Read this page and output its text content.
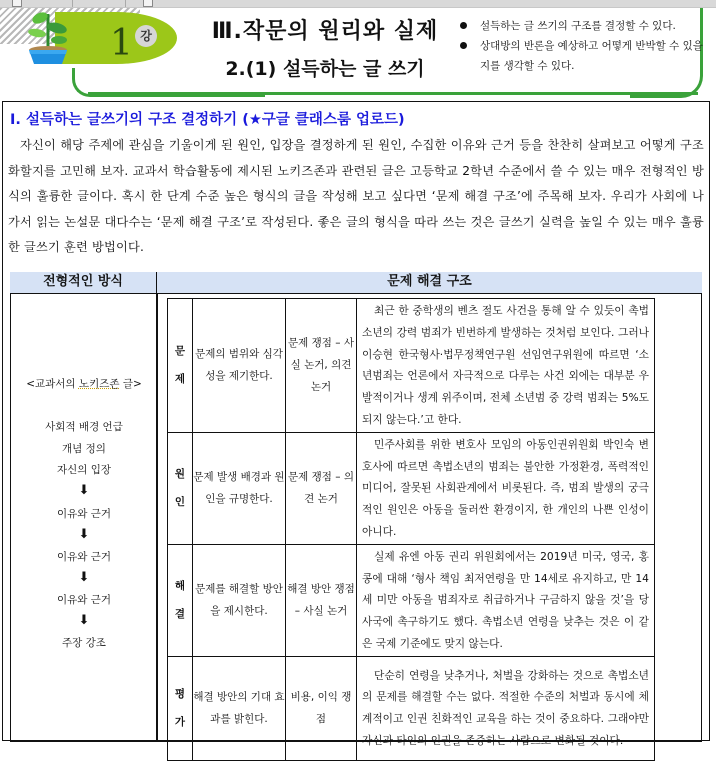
1 강	Ⅲ.작문의 원리와 실제
2.(1) 설득하는 글 쓰기
설득하는 글 쓰기의 구조를 결정할 수 있다.
상대방의 반론을 예상하고 어떻게 반박할 수 있을지를 생각할 수 있다.
Ⅰ. 설득하는 글쓰기의 구조 결정하기 (★구글 클래스룸 업로드)
자신이 해당 주제에 관심을 기울이게 된 원인, 입장을 결정하게 된 원인, 수집한 이유와 근거 등을 찬찬히 살펴보고 어떻게 구조화할지를 고민해 보자. 교과서 학습활동에 제시된 노키즈존과 관련된 글은 고등학교 2학년 수준에서 쓸 수 있는 매우 전형적인 방식의 훌륭한 글이다. 혹시 한 단계 수준 높은 형식의 글을 작성해 보고 싶다면 ‘문제 해결 구조’에 주목해 보자. 우리가 사회에 나가서 읽는 논설문 대다수는 ‘문제 해결 구조’로 작성된다. 좋은 글의 형식을 따라 쓰는 것은 글쓰기 실력을 높일 수 있는 매우 훌륭한 글쓰기 훈련 방법이다.
전형적인 방식	문제 해결 구조
<교과서의 노키즈존 글>
사회적 배경 언급
개념 정의
자신의 입장
⬇
이유와 근거
⬇
이유와 근거
⬇
이유와 근거
⬇
주장 강조
문
제	문제의 범위와 심각성을 제기한다.	문제 쟁점 – 사실 논거, 의견 논거	최근 한 중학생의 벤츠 절도 사건을 통해 알 수 있듯이 촉법소년의 강력 범죄가 빈번하게 발생하는 것처럼 보인다. 그러나 이승현 한국형사·법무정책연구원 선임연구위원에 따르면 ‘소년범죄는 언론에서 자극적으로 다루는 사건 외에는 대부분 우발적이거나 생계 위주이며, 전체 소년범 중 강력 범죄는 5%도 되지 않는다.’고 한다.
원
인	문제 발생 배경과 원인을 규명한다.	문제 쟁점 – 의견 논거	민주사회를 위한 변호사 모임의 아동인권위원회 박인숙 변호사에 따르면 촉법소년의 범죄는 불안한 가정환경, 폭력적인 미디어, 잘못된 사회관계에서 비롯된다. 즉, 범죄 발생의 궁극적인 원인은 아동을 둘러싼 환경이지, 한 개인의 나쁜 인성이 아니다.
해
결	문제를 해결할 방안을 제시한다.	해결 방안 쟁점 – 사실 논거	실제 유엔 아동 권리 위원회에서는 2019년 미국, 영국, 홍콩에 대해 ‘형사 책임 최저연령을 만 14세로 유지하고, 만 14세 미만 아동을 범죄자로 취급하거나 구금하지 않을 것’을 당사국에 촉구하기도 했다. 촉법소년 연령을 낮추는 것은 이 같은 국제 기준에도 맞지 않는다.
평
가	해결 방안의 기대 효과를 밝힌다.	비용, 이익 쟁점	단순히 연령을 낮추거나, 처벌을 강화하는 것으로 촉법소년의 문제를 해결할 수는 없다. 적절한 수준의 처벌과 동시에 체계적이고 인권 친화적인 교육을 하는 것이 중요하다. 그래야만 자신과 타인의 인권을 존중하는 사람으로 변화될 것이다.
